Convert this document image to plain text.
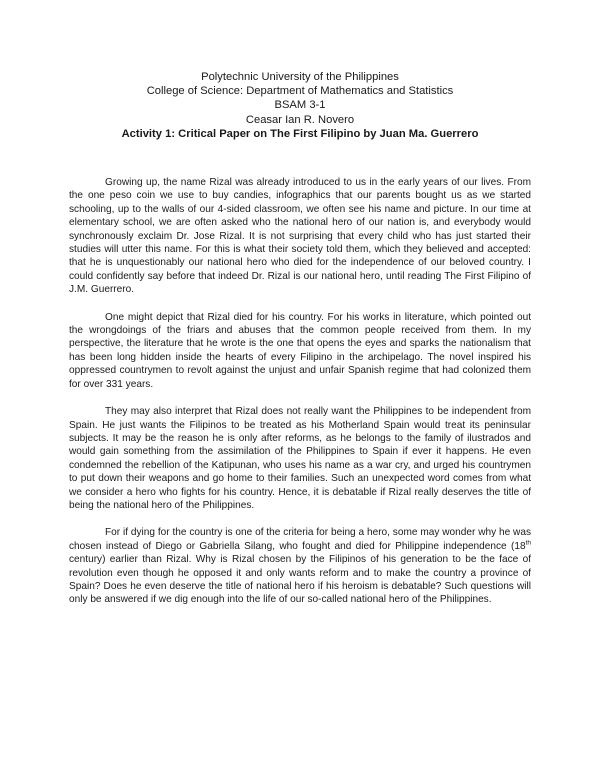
Polytechnic University of the Philippines
College of Science: Department of Mathematics and Statistics
BSAM 3-1
Ceasar Ian R. Novero
Activity 1: Critical Paper on The First Filipino by Juan Ma. Guerrero

Growing up, the name Rizal was already introduced to us in the early years of our lives. From the one peso coin we use to buy candies, infographics that our parents bought us as we started schooling, up to the walls of our 4-sided classroom, we often see his name and picture. In our time at elementary school, we are often asked who the national hero of our nation is, and everybody would synchronously exclaim Dr. Jose Rizal. It is not surprising that every child who has just started their studies will utter this name. For this is what their society told them, which they believed and accepted: that he is unquestionably our national hero who died for the independence of our beloved country. I could confidently say before that indeed Dr. Rizal is our national hero, until reading The First Filipino of J.M. Guerrero.

One might depict that Rizal died for his country. For his works in literature, which pointed out the wrongdoings of the friars and abuses that the common people received from them. In my perspective, the literature that he wrote is the one that opens the eyes and sparks the nationalism that has been long hidden inside the hearts of every Filipino in the archipelago. The novel inspired his oppressed countrymen to revolt against the unjust and unfair Spanish regime that had colonized them for over 331 years.

They may also interpret that Rizal does not really want the Philippines to be independent from Spain. He just wants the Filipinos to be treated as his Motherland Spain would treat its peninsular subjects. It may be the reason he is only after reforms, as he belongs to the family of ilustrados and would gain something from the assimilation of the Philippines to Spain if ever it happens. He even condemned the rebellion of the Katipunan, who uses his name as a war cry, and urged his countrymen to put down their weapons and go home to their families. Such an unexpected word comes from what we consider a hero who fights for his country. Hence, it is debatable if Rizal really deserves the title of being the national hero of the Philippines.

For if dying for the country is one of the criteria for being a hero, some may wonder why he was chosen instead of Diego or Gabriella Silang, who fought and died for Philippine independence (18th century) earlier than Rizal. Why is Rizal chosen by the Filipinos of his generation to be the face of revolution even though he opposed it and only wants reform and to make the country a province of Spain? Does he even deserve the title of national hero if his heroism is debatable? Such questions will only be answered if we dig enough into the life of our so-called national hero of the Philippines.
